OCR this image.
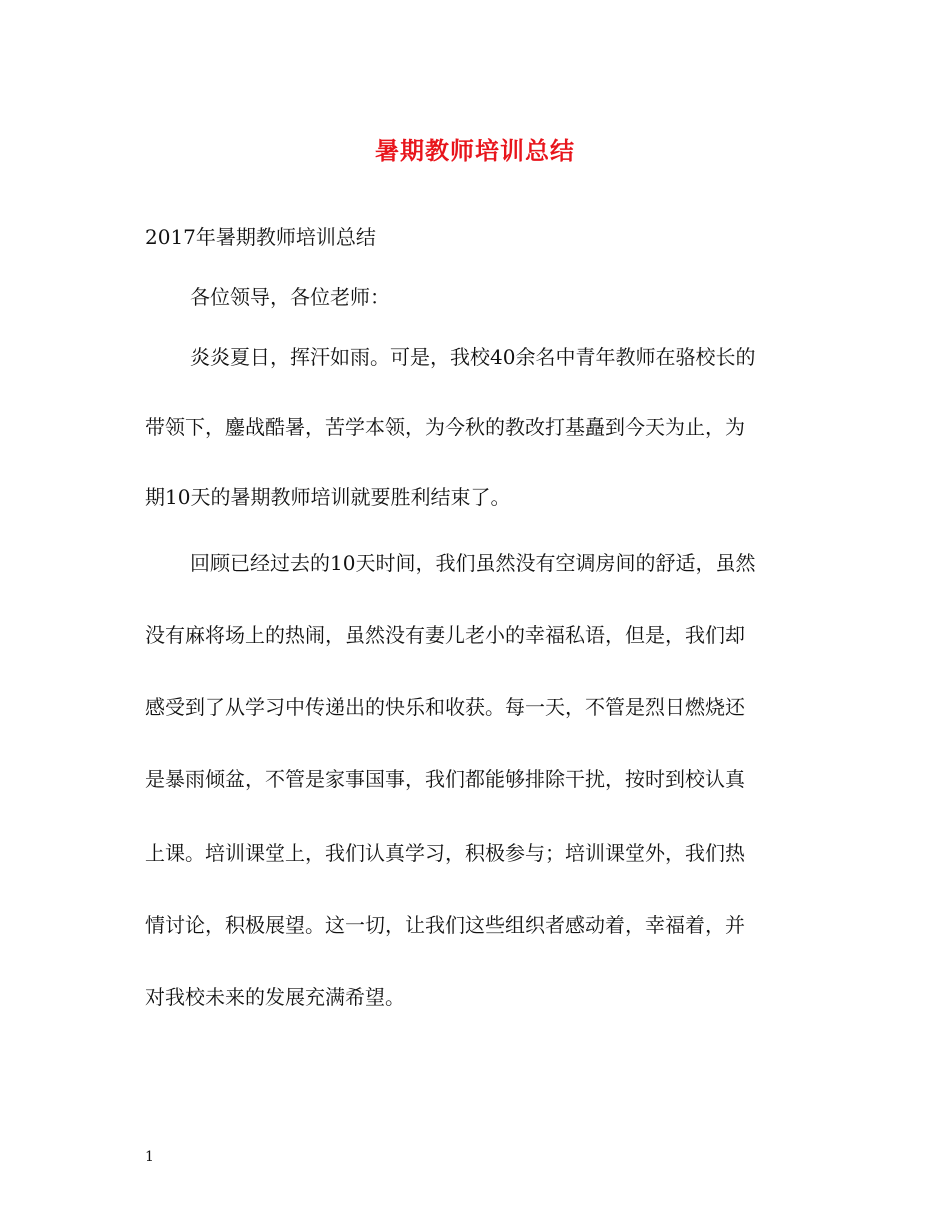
暑期教师培训总结
2017年暑期教师培训总结
各位领导，各位老师：
炎炎夏日，挥汗如雨。可是，我校40余名中青年教师在骆校长的
带领下，鏖战酷暑，苦学本领，为今秋的教改打基矗到今天为止，为
期10天的暑期教师培训就要胜利结束了。
回顾已经过去的10天时间，我们虽然没有空调房间的舒适，虽然
没有麻将场上的热闹，虽然没有妻儿老小的幸福私语，但是，我们却
感受到了从学习中传递出的快乐和收获。每一天，不管是烈日燃烧还
是暴雨倾盆，不管是家事国事，我们都能够排除干扰，按时到校认真
上课。培训课堂上，我们认真学习，积极参与；培训课堂外，我们热
情讨论，积极展望。这一切，让我们这些组织者感动着，幸福着，并
对我校未来的发展充满希望。
1
